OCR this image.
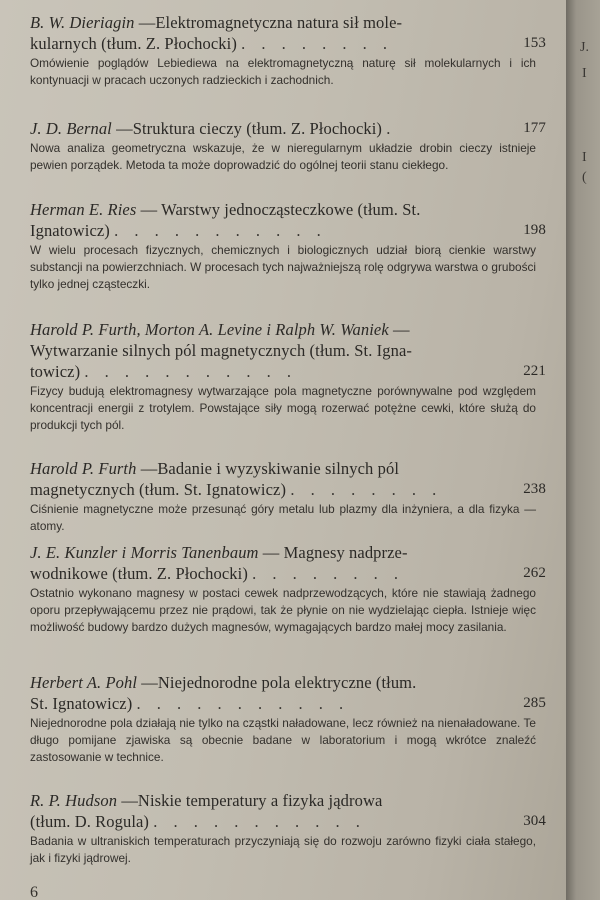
B. W. Dieriagin —Elektromagnetyczna natura sił mole-
kularnych (tłum. Z. Płochocki) . . . . . . . .	153
Omówienie poglądów Lebiediewa na elektromagnetyczną naturę sił molekularnych i ich kontynuacji w pracach uczonych radzieckich i zachodnich.
J. D. Bernal —Struktura cieczy (tłum. Z. Płochocki) .	177
Nowa analiza geometryczna wskazuje, że w nieregularnym układzie drobin cieczy istnieje pewien porządek. Metoda ta może doprowadzić do ogólnej teorii stanu ciekłego.
Herman E. Ries — Warstwy jednocząsteczkowe (tłum. St.
Ignatowicz) . . . . . . . . . . .	198
W wielu procesach fizycznych, chemicznych i biologicznych udział biorą cienkie warstwy substancji na powierzchniach. W procesach tych najważniejszą rolę odgrywa warstwa o grubości tylko jednej cząsteczki.
Harold P. Furth, Morton A. Levine i Ralph W. Waniek —
Wytwarzanie silnych pól magnetycznych (tłum. St. Igna-
towicz) . . . . . . . . . . .	221
Fizycy budują elektromagnesy wytwarzające pola magnetyczne porównywalne pod względem koncentracji energii z trotylem. Powstające siły mogą rozerwać potężne cewki, które służą do produkcji tych pól.
Harold P. Furth —Badanie i wyzyskiwanie silnych pól
magnetycznych (tłum. St. Ignatowicz) . . . . . . . .	238
Ciśnienie magnetyczne może przesunąć góry metalu lub plazmy dla inżyniera, a dla fizyka — atomy.
J. E. Kunzler i Morris Tanenbaum — Magnesy nadprze-
wodnikowe (tłum. Z. Płochocki) . . . . . . . .	262
Ostatnio wykonano magnesy w postaci cewek nadprzewodzących, które nie stawiają żadnego oporu przepływającemu przez nie prądowi, tak że płynie on nie wydzielając ciepła. Istnieje więc możliwość budowy bardzo dużych magnesów, wymagających bardzo małej mocy zasilania.
Herbert A. Pohl —Niejednorodne pola elektryczne (tłum.
St. Ignatowicz) . . . . . . . . . . .	285
Niejednorodne pola działają nie tylko na cząstki naładowane, lecz również na nienaładowane. Te długo pomijane zjawiska są obecnie badane w laboratorium i mogą wkrótce znaleźć zastosowanie w technice.
R. P. Hudson —Niskie temperatury a fizyka jądrowa
(tłum. D. Rogula) . . . . . . . . . . .	304
Badania w ultraniskich temperaturach przyczyniają się do rozwoju zarówno fizyki ciała stałego, jak i fizyki jądrowej.
6
J.
I
I
(
